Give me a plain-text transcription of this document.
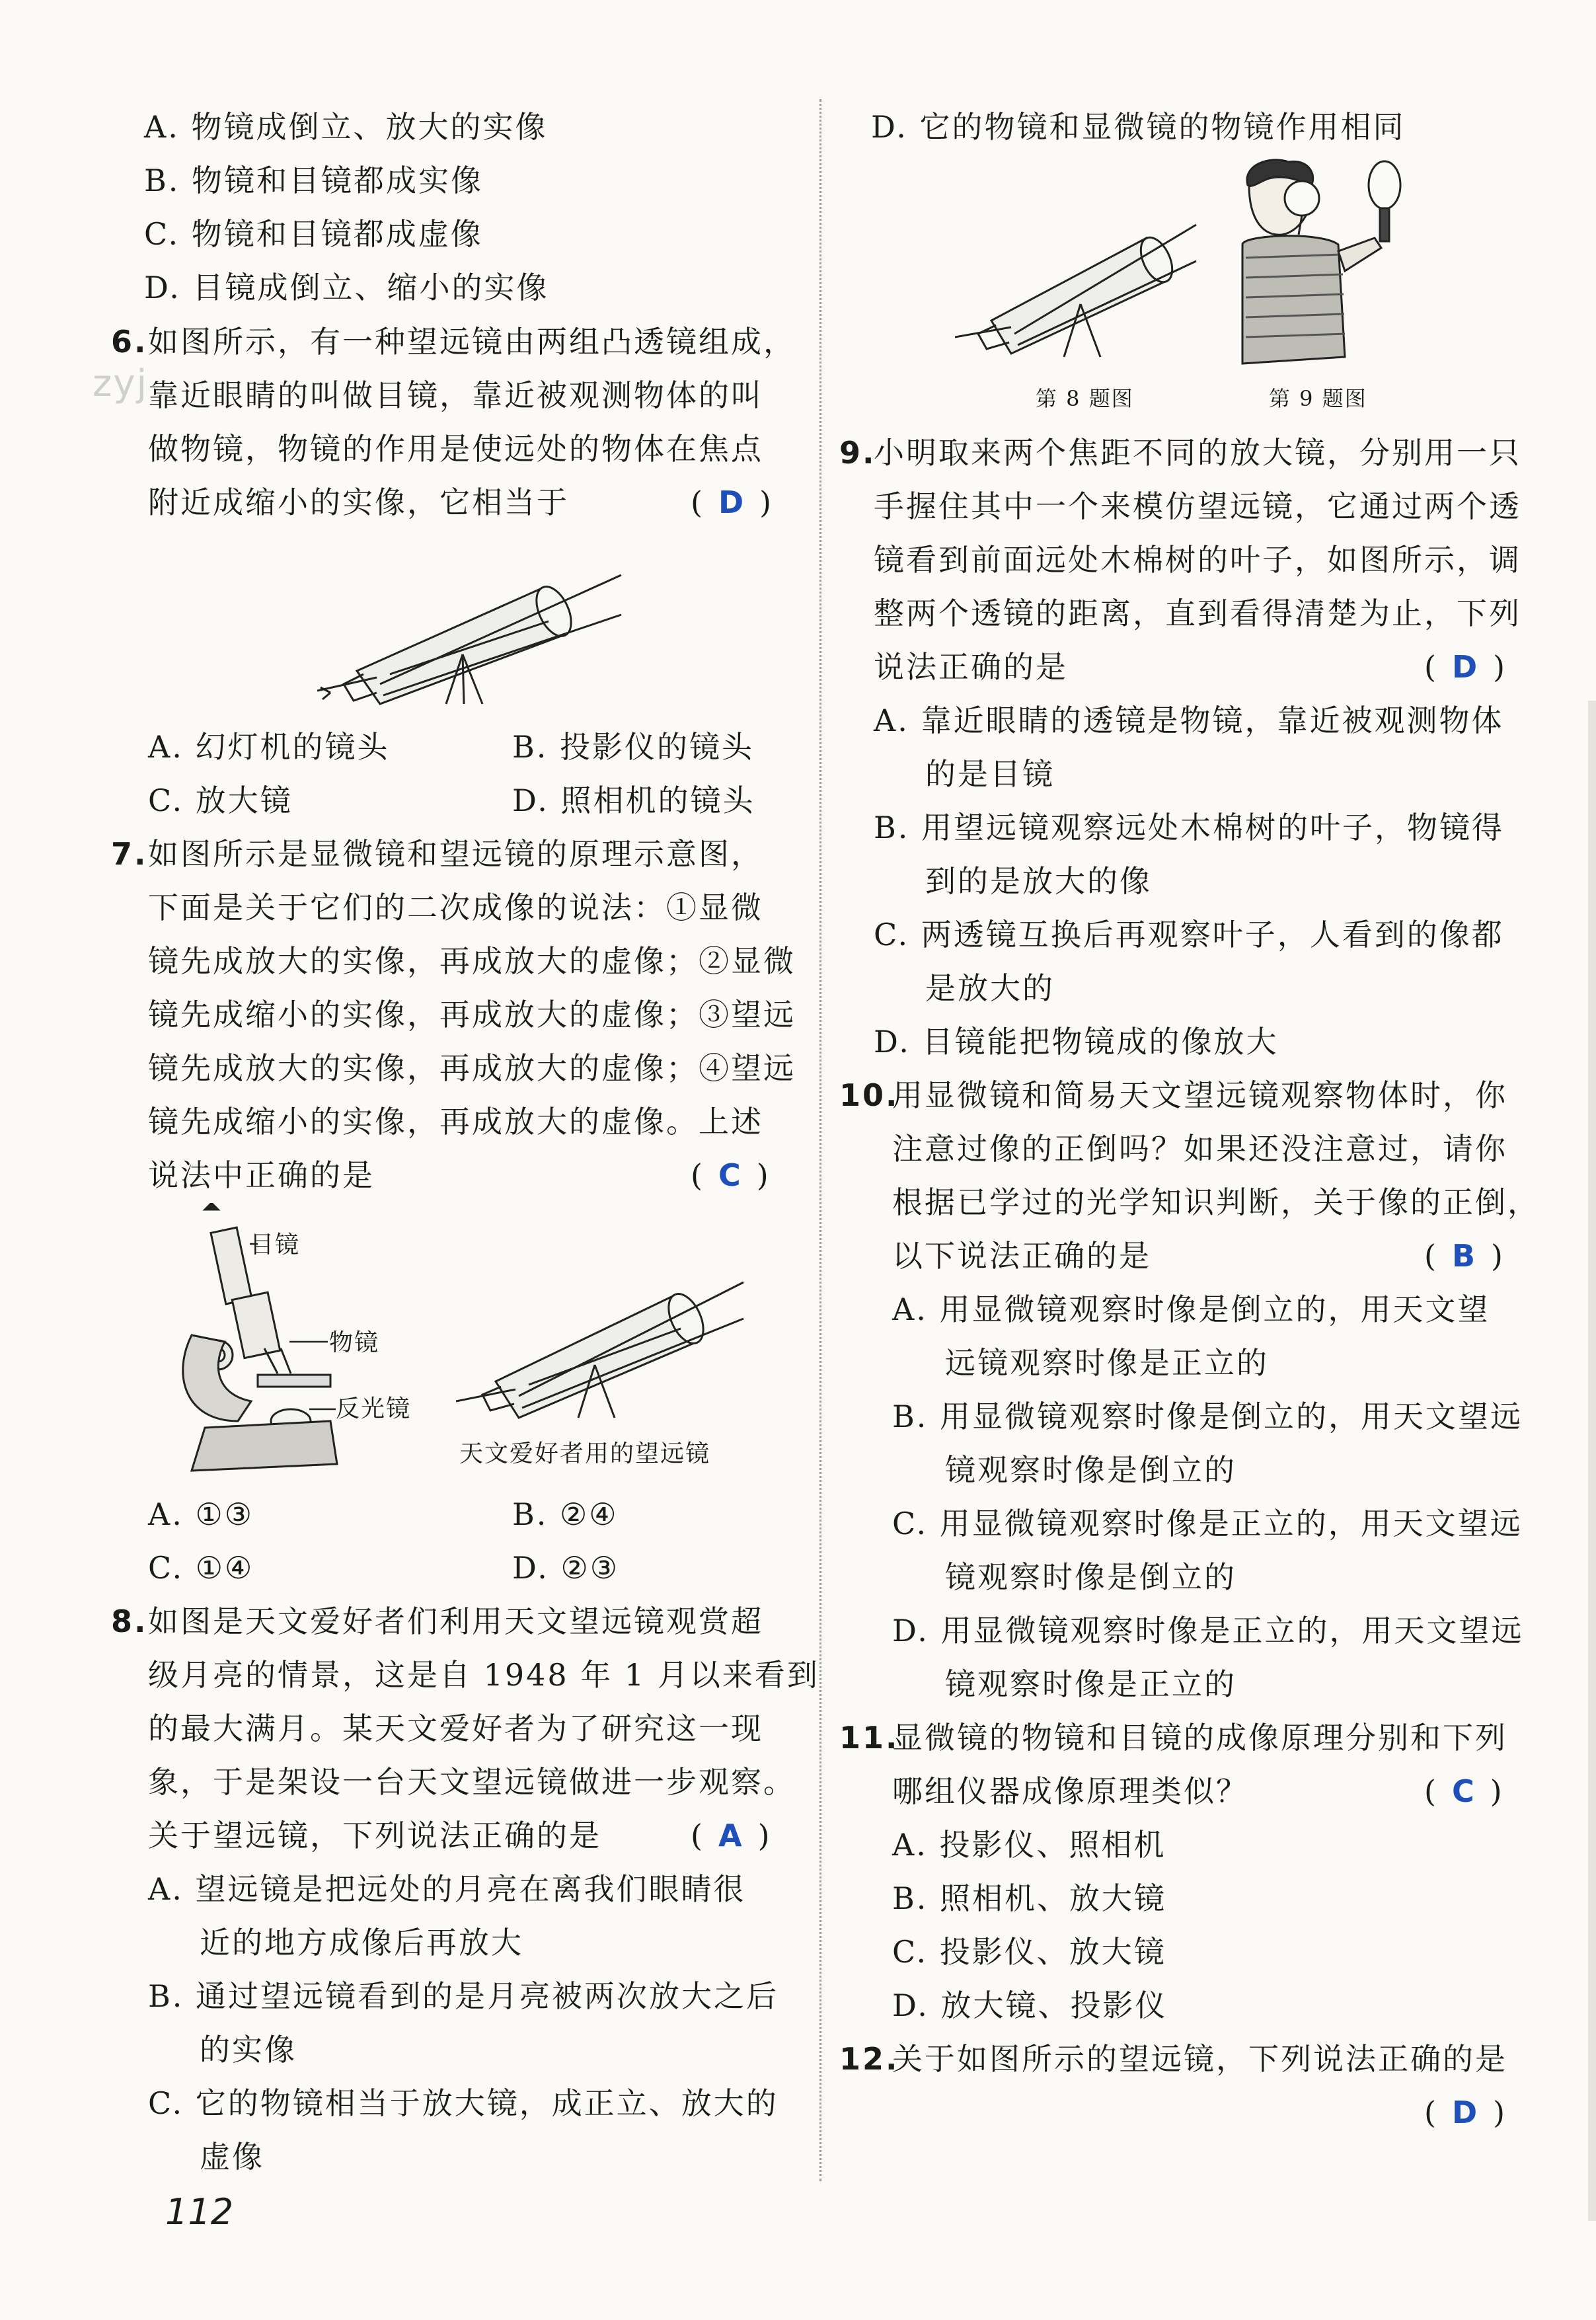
zyj
A. 物镜成倒立、放大的实像
B. 物镜和目镜都成实像
C. 物镜和目镜都成虚像
D. 目镜成倒立、缩小的实像
6. 如图所示，有一种望远镜由两组凸透镜组成，
靠近眼睛的叫做目镜，靠近被观测物体的叫
做物镜，物镜的作用是使远处的物体在焦点
附近成缩小的实像，它相当于	( D )
A. 幻灯机的镜头	B. 投影仪的镜头
C. 放大镜	D. 照相机的镜头
7. 如图所示是显微镜和望远镜的原理示意图，
下面是关于它们的二次成像的说法：①显微
镜先成放大的实像，再成放大的虚像；②显微
镜先成缩小的实像，再成放大的虚像；③望远
镜先成放大的实像，再成放大的虚像；④望远
镜先成缩小的实像，再成放大的虚像。上述
说法中正确的是	( C )
目镜
物镜
反光镜
天文爱好者用的望远镜
A. ①③	B. ②④
C. ①④	D. ②③
8. 如图是天文爱好者们利用天文望远镜观赏超
级月亮的情景，这是自 1948 年 1 月以来看到
的最大满月。某天文爱好者为了研究这一现
象，于是架设一台天文望远镜做进一步观察。
关于望远镜，下列说法正确的是	( A )
A. 望远镜是把远处的月亮在离我们眼睛很
近的地方成像后再放大
B. 通过望远镜看到的是月亮被两次放大之后
的实像
C. 它的物镜相当于放大镜，成正立、放大的
虚像
112
D. 它的物镜和显微镜的物镜作用相同
第 8 题图	第 9 题图
9.
小明取来两个焦距不同的放大镜，分别用一只
手握住其中一个来模仿望远镜，它通过两个透
镜看到前面远处木棉树的叶子，如图所示，调
整两个透镜的距离，直到看得清楚为止，下列
说法正确的是	( D )
A. 靠近眼睛的透镜是物镜，靠近被观测物体
的是目镜
B. 用望远镜观察远处木棉树的叶子，物镜得
到的是放大的像
C. 两透镜互换后再观察叶子，人看到的像都
是放大的
D. 目镜能把物镜成的像放大
10.
用显微镜和简易天文望远镜观察物体时，你
注意过像的正倒吗？如果还没注意过，请你
根据已学过的光学知识判断，关于像的正倒，
以下说法正确的是	( B )
A. 用显微镜观察时像是倒立的，用天文望
远镜观察时像是正立的
B. 用显微镜观察时像是倒立的，用天文望远
镜观察时像是倒立的
C. 用显微镜观察时像是正立的，用天文望远
镜观察时像是倒立的
D. 用显微镜观察时像是正立的，用天文望远
镜观察时像是正立的
11.
显微镜的物镜和目镜的成像原理分别和下列
哪组仪器成像原理类似？	( C )
A. 投影仪、照相机
B. 照相机、放大镜
C. 投影仪、放大镜
D. 放大镜、投影仪
12.
关于如图所示的望远镜，下列说法正确的是
( D )
